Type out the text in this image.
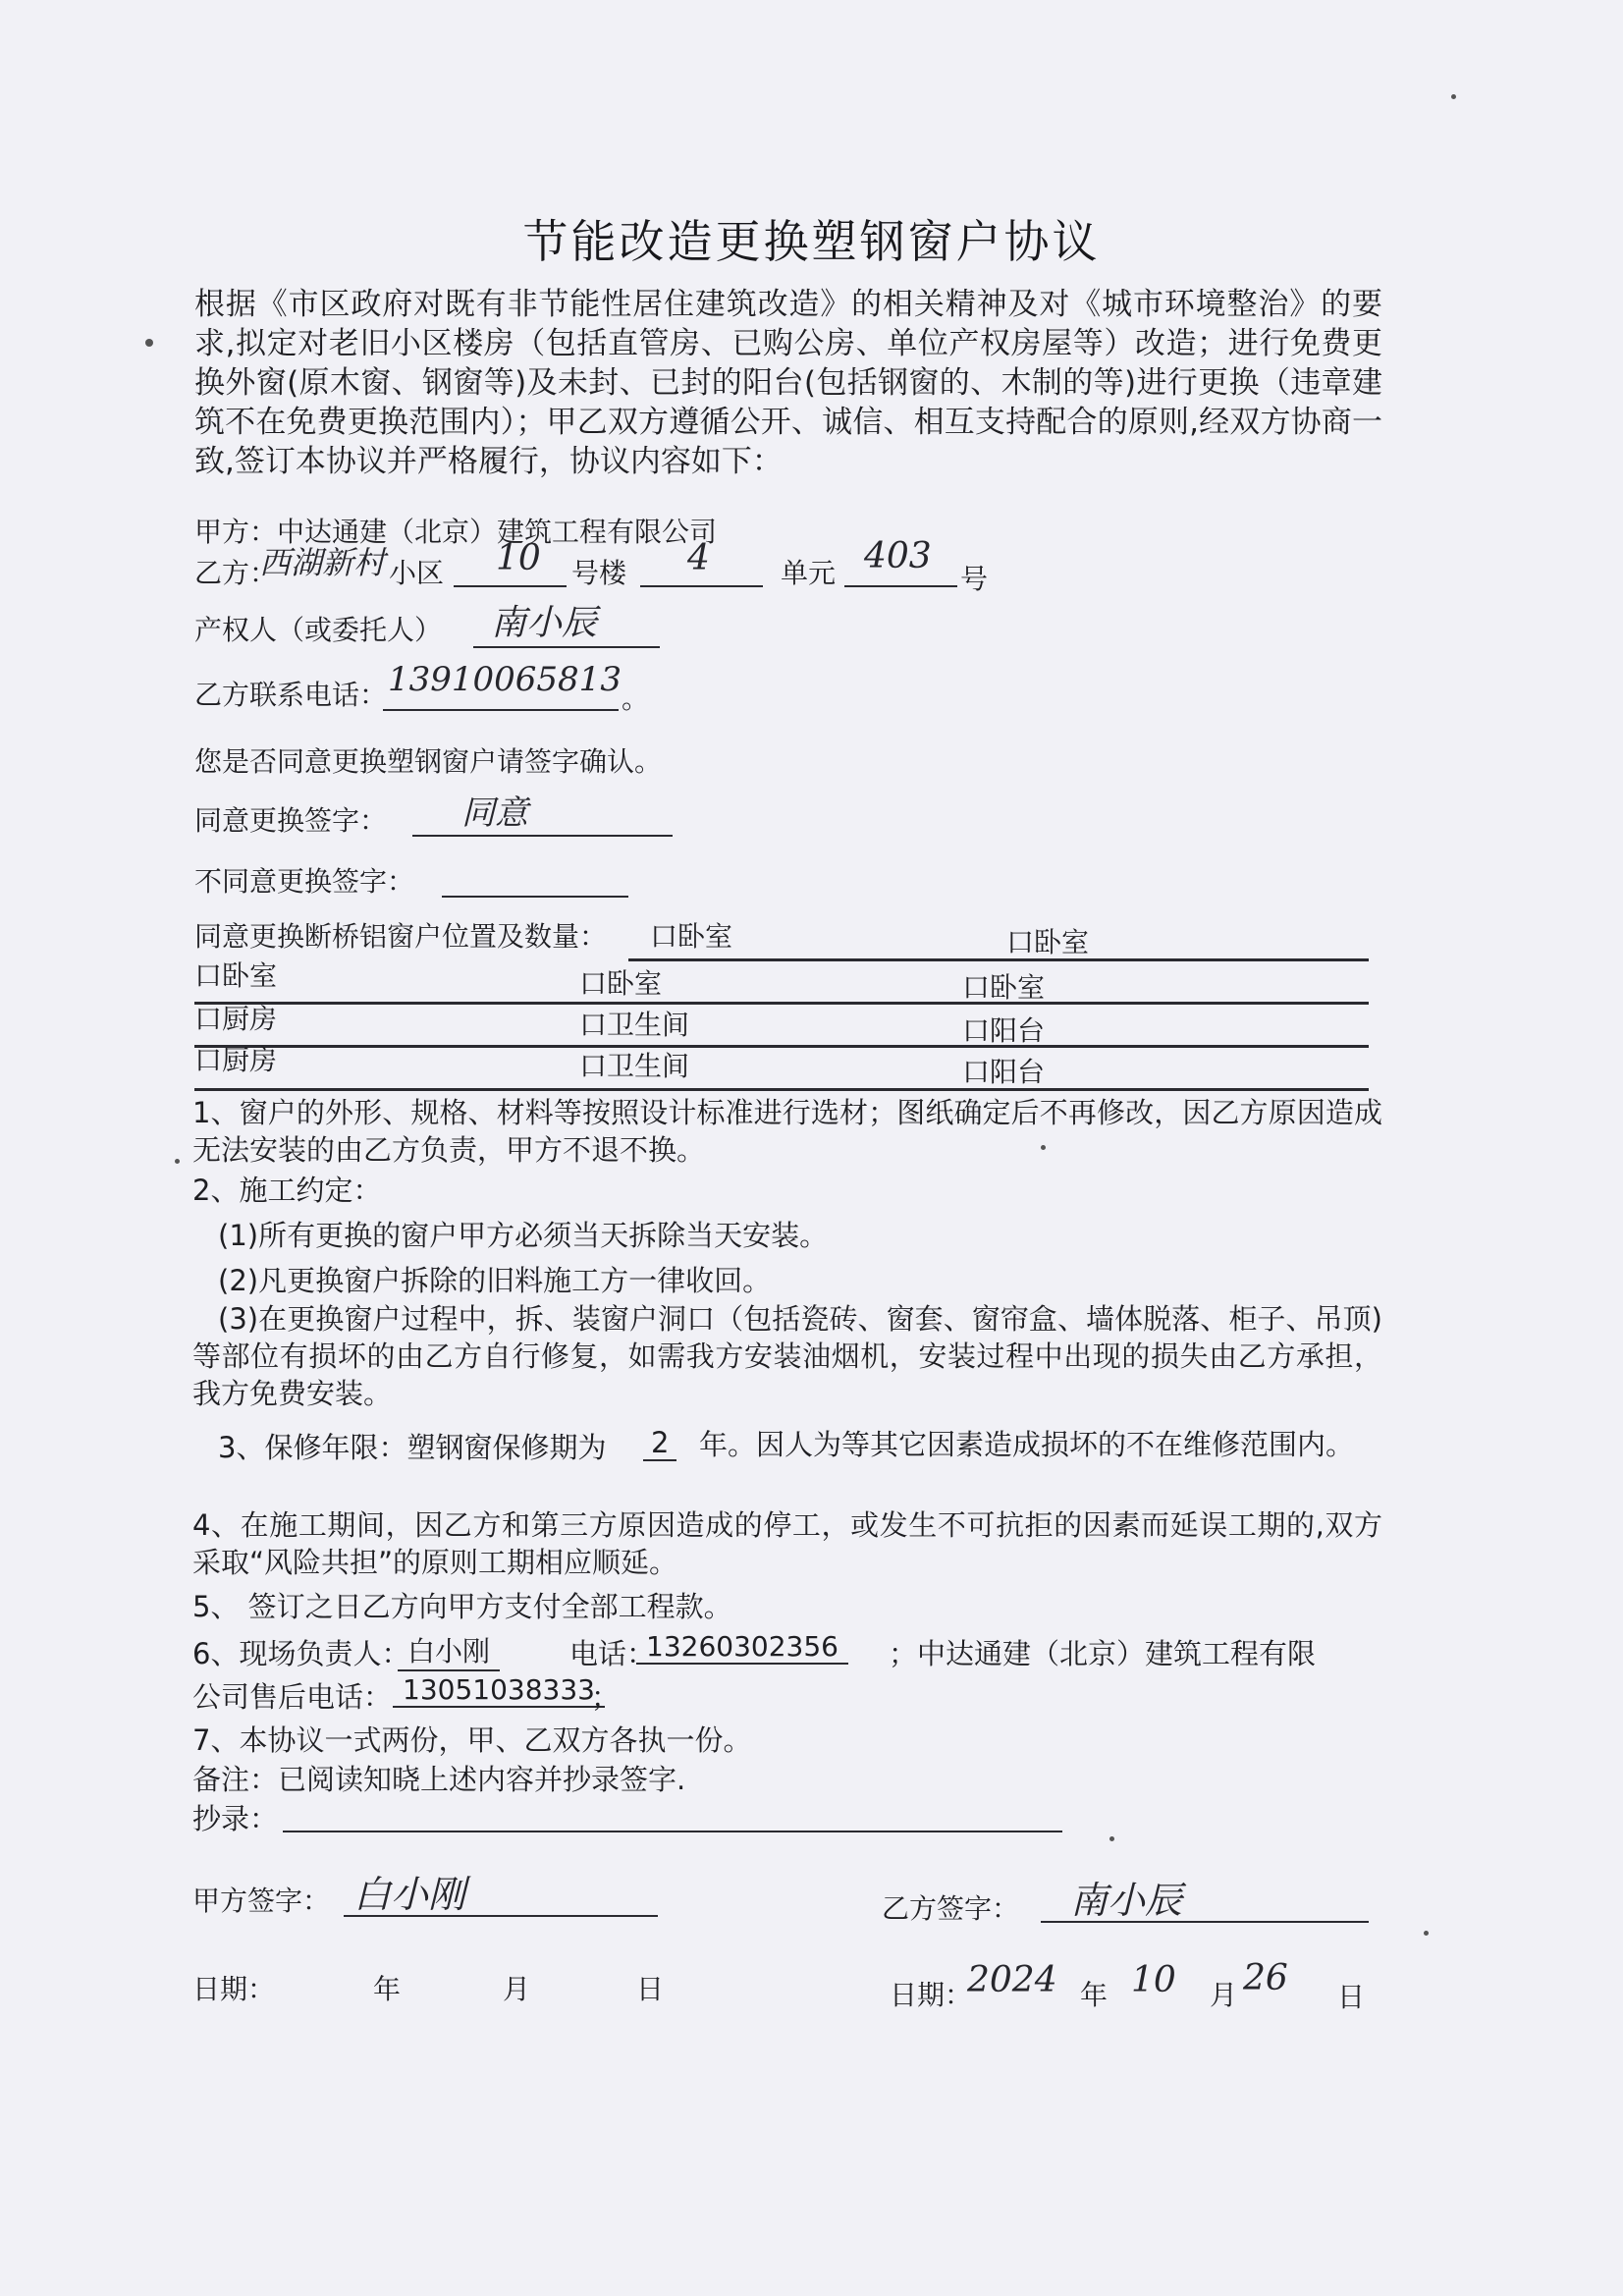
节能改造更换塑钢窗户协议

根据《市区政府对既有非节能性居住建筑改造》的相关精神及对《城市环境整治》的要求,拟定对老旧小区楼房（包括直管房、已购公房、单位产权房屋等）改造；进行免费更换外窗(原木窗、钢窗等)及未封、已封的阳台(包括钢窗的、木制的等)进行更换（违章建筑不在免费更换范围内）；甲乙双方遵循公开、诚信、相互支持配合的原则,经双方协商一致,签订本协议并严格履行，协议内容如下：

甲方：中达通建（北京）建筑工程有限公司
乙方：
西湖新村 小区 10 号楼 4	单元 403
号
产权人（或委托人） 南小辰
乙方联系电话： 13910065813 。
您是否同意更换塑钢窗户请签字确认。
同意更换签字： 同意
不同意更换签字：
同意更换断桥铝窗户位置及数量： 口卧室	口卧室
口卧室	口卧室	口卧室
口厨房	口卫生间	口阳台
口厨房	口卫生间	口阳台

1、窗户的外形、规格、材料等按照设计标准进行选材；图纸确定后不再修改，因乙方原因造成无法安装的由乙方负责，甲方不退不换。

2、施工约定：
(1)所有更换的窗户甲方必须当天拆除当天安装。
(2)凡更换窗户拆除的旧料施工方一律收回。

(3)在更换窗户过程中，拆、装窗户洞口（包括瓷砖、窗套、窗帘盒、墙体脱落、柜子、吊顶)等部位有损坏的由乙方自行修复，如需我方安装油烟机，安装过程中出现的损失由乙方承担，我方免费安装。

3、保修年限：塑钢窗保修期为 2	年。因人为等其它因素造成损坏的不在维修范围内。

4、在施工期间，因乙方和第三方原因造成的停工，或发生不可抗拒的因素而延误工期的,双方采取“风险共担”的原则工期相应顺延。

5、 签订之日乙方向甲方支付全部工程款。
6、现场负责人：
白小刚	电话：
13260302356	；中达通建（北京）建筑工程有限
公司售后电话： 13051038333
；
7、本协议一式两份，甲、乙双方各执一份。
备注：已阅读知晓上述内容并抄录签字.
抄录：
甲方签字： 白小刚	乙方签字： 南小辰
日期：	年	月	日	日期：
2024 年 10 月 26 日
